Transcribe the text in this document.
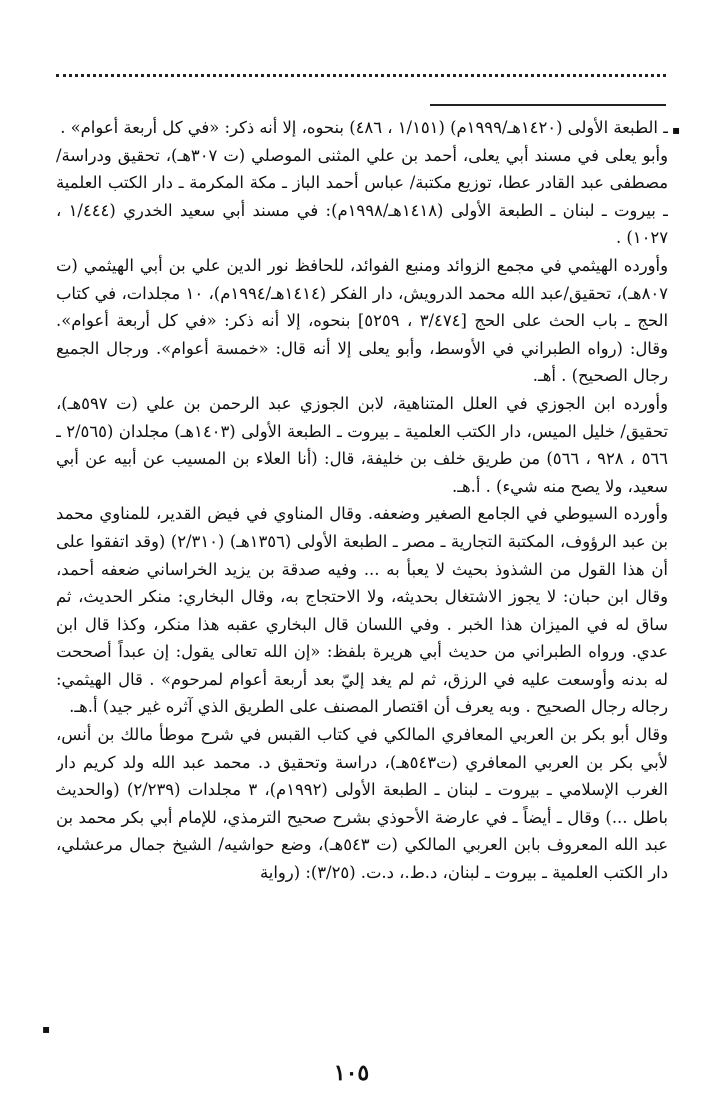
▪

ـ الطبعة الأولى (١٤٢٠هـ/١٩٩٩م) (١/١٥١ ، ٤٨٦) بنحوه، إلا أنه ذكر: «في كل أربعة أعوام» .

وأبو يعلى في مسند أبي يعلى، أحمد بن علي المثنى الموصلي (ت ٣٠٧هـ)، تحقيق ودراسة/ مصطفى عبد القادر عطا، توزيع مكتبة/ عباس أحمد الباز ـ مكة المكرمة ـ دار الكتب العلمية ـ بيروت ـ لبنان ـ الطبعة الأولى (١٤١٨هـ/١٩٩٨م): في مسند أبي سعيد الخدري (١/٤٤٤ ، ١٠٢٧) .

وأورده الهيثمي في مجمع الزوائد ومنبع الفوائد، للحافظ نور الدين علي بن أبي الهيثمي (ت ٨٠٧هـ)، تحقيق/عبد الله محمد الدرويش، دار الفكر (١٤١٤هـ/١٩٩٤م)، ١٠ مجلدات، في كتاب الحج ـ باب الحث على الحج [٣/٤٧٤ ، ٥٢٥٩] بنحوه، إلا أنه ذكر: «في كل أربعة أعوام». وقال: (رواه الطبراني في الأوسط، وأبو يعلى إلا أنه قال: «خمسة أعوام». ورجال الجميع رجال الصحيح) . أهـ.

وأورده ابن الجوزي في العلل المتناهية، لابن الجوزي عبد الرحمن بن علي (ت ٥٩٧هـ)، تحقيق/ خليل الميس، دار الكتب العلمية ـ بيروت ـ الطبعة الأولى (١٤٠٣هـ) مجلدان (٢/٥٦٥ ـ ٥٦٦ ، ٩٢٨ ، ٥٦٦) من طريق خلف بن خليفة، قال: (أنا العلاء بن المسيب عن أبيه عن أبي سعيد، ولا يصح منه شيء) . أ.هـ.

وأورده السيوطي في الجامع الصغير وضعفه. وقال المناوي في فيض القدير، للمناوي محمد بن عبد الرؤوف، المكتبة التجارية ـ مصر ـ الطبعة الأولى (١٣٥٦هـ) (٢/٣١٠) (وقد اتفقوا على أن هذا القول من الشذوذ بحيث لا يعبأ به ... وفيه صدقة بن يزيد الخراساني ضعفه أحمد، وقال ابن حبان: لا يجوز الاشتغال بحديثه، ولا الاحتجاج به، وقال البخاري: منكر الحديث، ثم ساق له في الميزان هذا الخبر . وفي اللسان قال البخاري عقبه هذا منكر، وكذا قال ابن عدي. ورواه الطبراني من حديث أبي هريرة بلفظ: «إن الله تعالى يقول: إن عبداً أصححت له بدنه وأوسعت عليه في الرزق، ثم لم يغد إليّ بعد أربعة أعوام لمرحوم» . قال الهيثمي: رجاله رجال الصحيح . وبه يعرف أن اقتصار المصنف على الطريق الذي آثره غير جيد) أ.هـ.

وقال أبو بكر بن العربي المعافري المالكي في كتاب القبس في شرح موطأ مالك بن أنس، لأبي بكر بن العربي المعافري (ت٥٤٣هـ)، دراسة وتحقيق د. محمد عبد الله ولد كريم دار الغرب الإسلامي ـ بيروت ـ لبنان ـ الطبعة الأولى (١٩٩٢م)، ٣ مجلدات (٢/٢٣٩) (والحديث باطل ...) وقال ـ أيضاً ـ في عارضة الأحوذي بشرح صحيح الترمذي، للإمام أبي بكر محمد بن عبد الله المعروف بابن العربي المالكي (ت ٥٤٣هـ)، وضع حواشيه/ الشيخ جمال مرعشلي، دار الكتب العلمية ـ بيروت ـ لبنان، د.ط.، د.ت. (٣/٢٥): (رواية

▪
١٠٥
